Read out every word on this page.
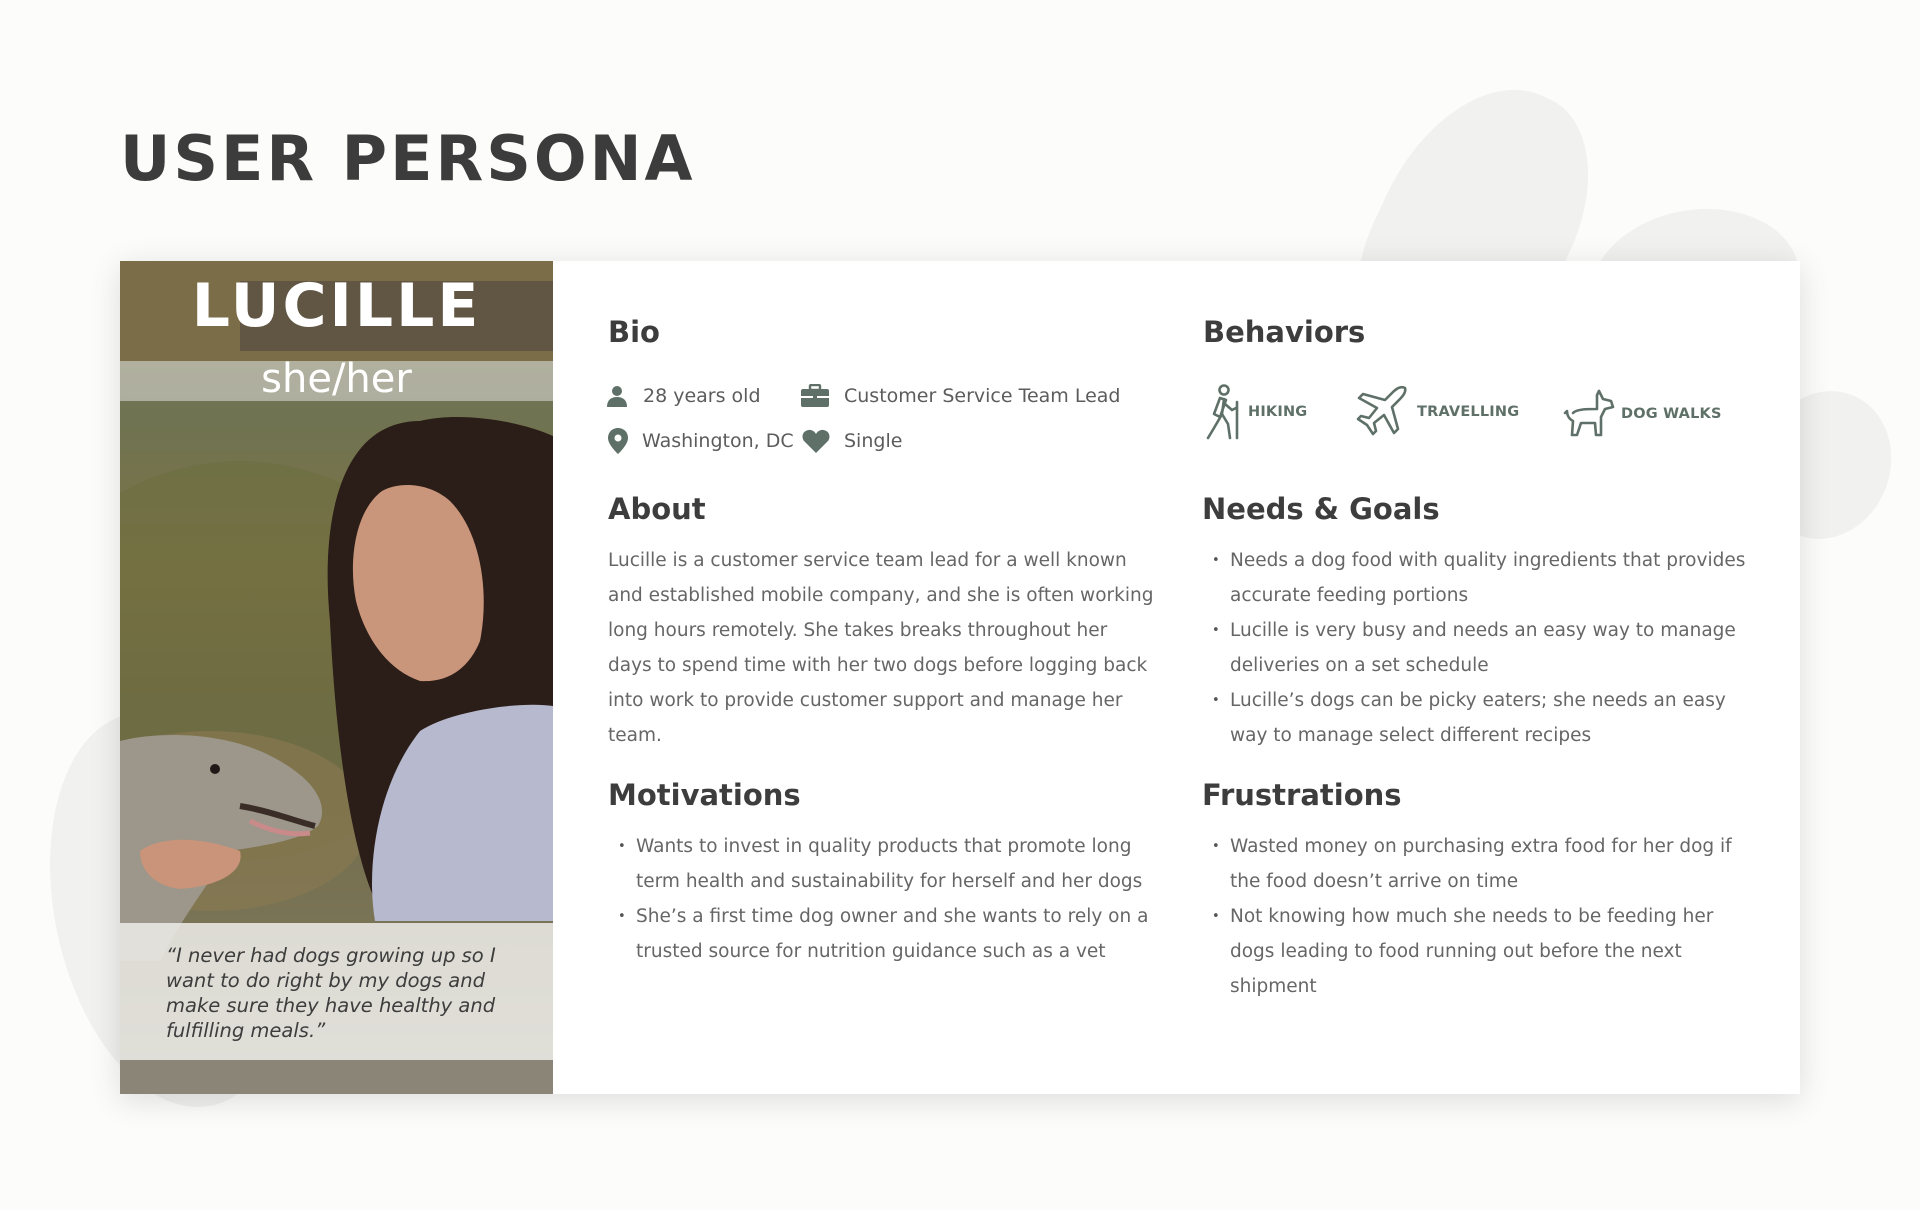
USER PERSONA
LUCILLE
she/her
“I never had dogs growing up so I want to do right by my dogs and make sure they have healthy and fulfilling meals.”
Bio
28 years old	Customer Service Team Lead
Washington, DC	Single
About
Lucille is a customer service team lead for a well known
and established mobile company, and she is often working
long hours remotely. She takes breaks throughout her
days to spend time with her two dogs before logging back
into work to provide customer support and manage her
team.
Motivations
• Wants to invest in quality products that promote long
term health and sustainability for herself and her dogs
• She’s a first time dog owner and she wants to rely on a
trusted source for nutrition guidance such as a vet
Behaviors
HIKING	TRAVELLING	DOG WALKS
Needs & Goals
• Needs a dog food with quality ingredients that provides
accurate feeding portions
• Lucille is very busy and needs an easy way to manage
deliveries on a set schedule
• Lucille’s dogs can be picky eaters; she needs an easy
way to manage select different recipes
Frustrations
• Wasted money on purchasing extra food for her dog if
the food doesn’t arrive on time
• Not knowing how much she needs to be feeding her
dogs leading to food running out before the next
shipment
